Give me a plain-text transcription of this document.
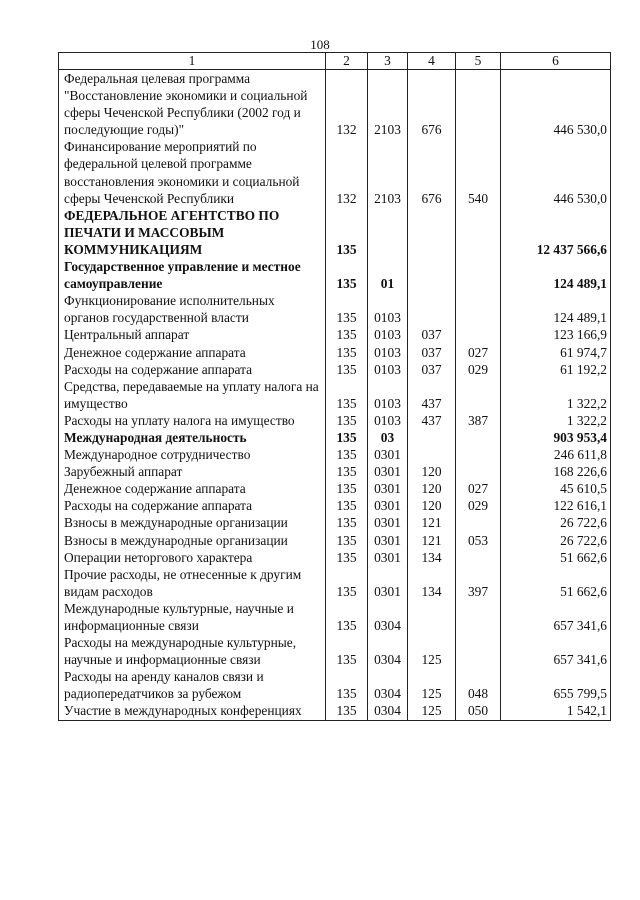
108
1	2	3	4	5	6
Федеральная целевая программа "Восстановление экономики и социальной сферы Чеченской Республики (2002 год и последующие годы)"	132	2103	676		446 530,0
Финансирование мероприятий по федеральной целевой программе восстановления экономики и социальной сферы Чеченской Республики	132	2103	676	540	446 530,0
ФЕДЕРАЛЬНОЕ АГЕНТСТВО ПО ПЕЧАТИ И МАССОВЫМ КОММУНИКАЦИЯМ	135				12 437 566,6
Государственное управление и местное самоуправление	135	01			124 489,1
Функционирование исполнительных органов государственной власти	135	0103			124 489,1
Центральный аппарат	135	0103	037		123 166,9
Денежное содержание аппарата	135	0103	037	027	61 974,7
Расходы на содержание аппарата	135	0103	037	029	61 192,2
Средства, передаваемые на уплату налога на имущество	135	0103	437		1 322,2
Расходы на уплату налога на имущество	135	0103	437	387	1 322,2
Международная деятельность	135	03			903 953,4
Международное сотрудничество	135	0301			246 611,8
Зарубежный аппарат	135	0301	120		168 226,6
Денежное содержание аппарата	135	0301	120	027	45 610,5
Расходы на содержание аппарата	135	0301	120	029	122 616,1
Взносы в международные организации	135	0301	121		26 722,6
Взносы в международные организации	135	0301	121	053	26 722,6
Операции неторгового характера	135	0301	134		51 662,6
Прочие расходы, не отнесенные к другим видам расходов	135	0301	134	397	51 662,6
Международные культурные, научные и информационные связи	135	0304			657 341,6
Расходы на международные культурные, научные и информационные связи	135	0304	125		657 341,6
Расходы на аренду каналов связи и радиопередатчиков за рубежом	135	0304	125	048	655 799,5
Участие в международных конференциях	135	0304	125	050	1 542,1
